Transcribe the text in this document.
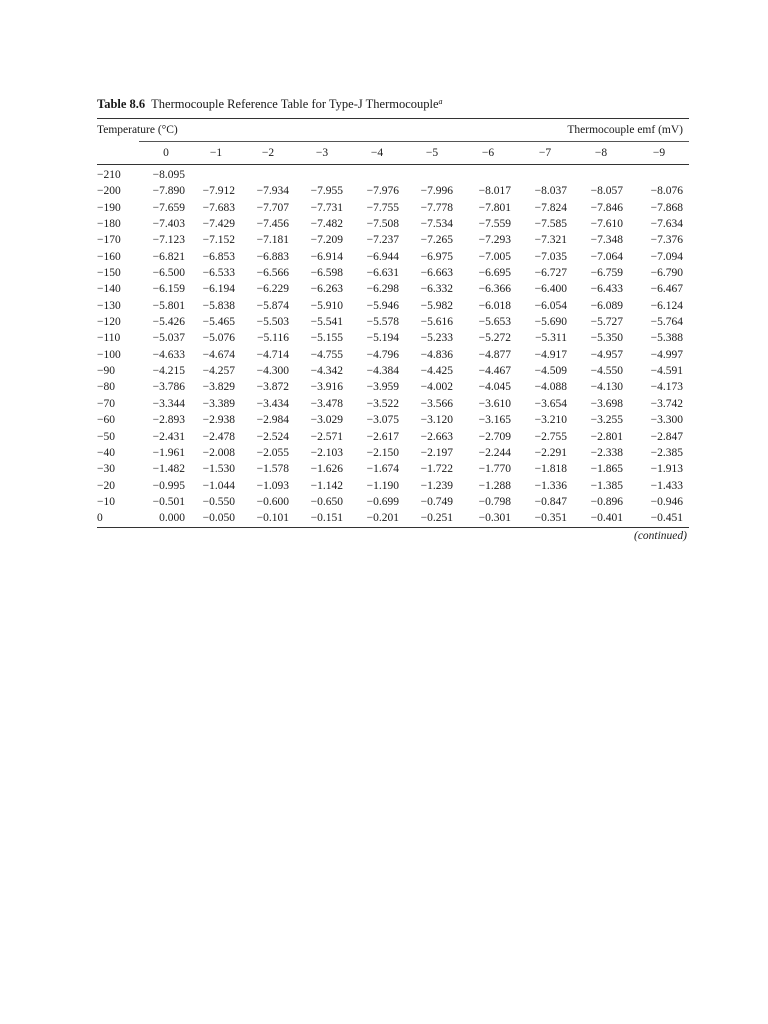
Table 8.6 Thermocouple Reference Table for Type-J Thermocouple$^a$
Temperature (°C)	Thermocouple emf (mV)
	0	−1	−2	−3	−4	−5	−6	−7	−8	−9
−210	−8.095									
−200	−7.890	−7.912	−7.934	−7.955	−7.976	−7.996	−8.017	−8.037	−8.057	−8.076
−190	−7.659	−7.683	−7.707	−7.731	−7.755	−7.778	−7.801	−7.824	−7.846	−7.868
−180	−7.403	−7.429	−7.456	−7.482	−7.508	−7.534	−7.559	−7.585	−7.610	−7.634
−170	−7.123	−7.152	−7.181	−7.209	−7.237	−7.265	−7.293	−7.321	−7.348	−7.376
−160	−6.821	−6.853	−6.883	−6.914	−6.944	−6.975	−7.005	−7.035	−7.064	−7.094
−150	−6.500	−6.533	−6.566	−6.598	−6.631	−6.663	−6.695	−6.727	−6.759	−6.790
−140	−6.159	−6.194	−6.229	−6.263	−6.298	−6.332	−6.366	−6.400	−6.433	−6.467
−130	−5.801	−5.838	−5.874	−5.910	−5.946	−5.982	−6.018	−6.054	−6.089	−6.124
−120	−5.426	−5.465	−5.503	−5.541	−5.578	−5.616	−5.653	−5.690	−5.727	−5.764
−110	−5.037	−5.076	−5.116	−5.155	−5.194	−5.233	−5.272	−5.311	−5.350	−5.388
−100	−4.633	−4.674	−4.714	−4.755	−4.796	−4.836	−4.877	−4.917	−4.957	−4.997
−90	−4.215	−4.257	−4.300	−4.342	−4.384	−4.425	−4.467	−4.509	−4.550	−4.591
−80	−3.786	−3.829	−3.872	−3.916	−3.959	−4.002	−4.045	−4.088	−4.130	−4.173
−70	−3.344	−3.389	−3.434	−3.478	−3.522	−3.566	−3.610	−3.654	−3.698	−3.742
−60	−2.893	−2.938	−2.984	−3.029	−3.075	−3.120	−3.165	−3.210	−3.255	−3.300
−50	−2.431	−2.478	−2.524	−2.571	−2.617	−2.663	−2.709	−2.755	−2.801	−2.847
−40	−1.961	−2.008	−2.055	−2.103	−2.150	−2.197	−2.244	−2.291	−2.338	−2.385
−30	−1.482	−1.530	−1.578	−1.626	−1.674	−1.722	−1.770	−1.818	−1.865	−1.913
−20	−0.995	−1.044	−1.093	−1.142	−1.190	−1.239	−1.288	−1.336	−1.385	−1.433
−10	−0.501	−0.550	−0.600	−0.650	−0.699	−0.749	−0.798	−0.847	−0.896	−0.946
0	0.000	−0.050	−0.101	−0.151	−0.201	−0.251	−0.301	−0.351	−0.401	−0.451
(continued)
